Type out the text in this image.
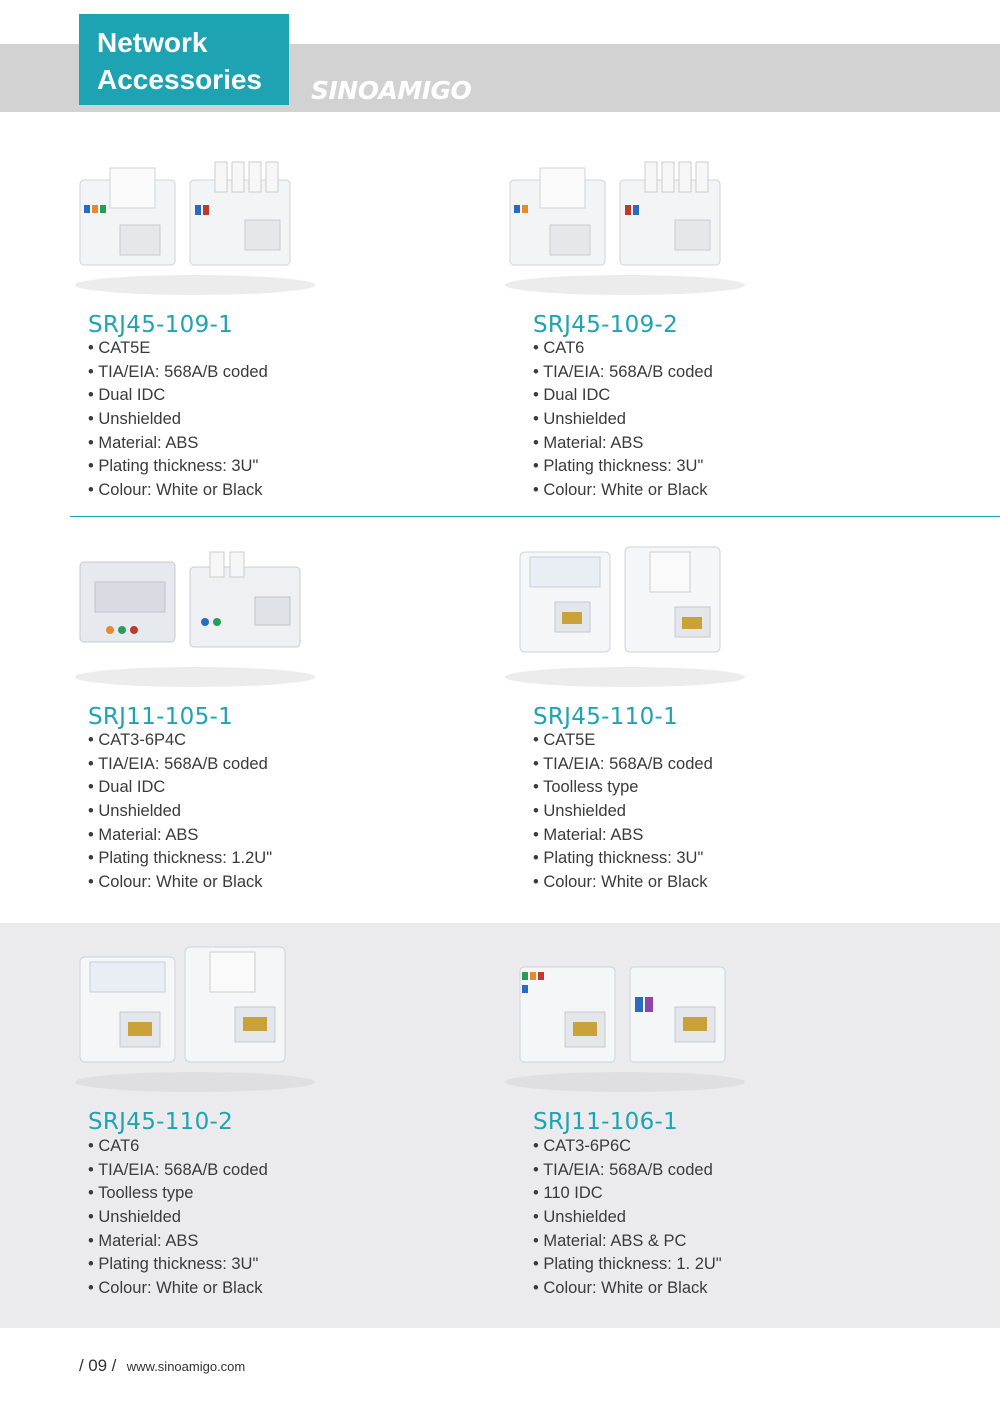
Network
Accessories	SINOAMIGO
SRJ45-109-1
• CAT5E
• TIA/EIA: 568A/B coded
• Dual IDC
• Unshielded
• Material: ABS
• Plating thickness: 3U"
• Colour: White or Black
SRJ45-109-2
• CAT6
• TIA/EIA: 568A/B coded
• Dual IDC
• Unshielded
• Material: ABS
• Plating thickness: 3U"
• Colour: White or Black
SRJ11-105-1
• CAT3-6P4C
• TIA/EIA: 568A/B coded
• Dual IDC
• Unshielded
• Material: ABS
• Plating thickness: 1.2U"
• Colour: White or Black
SRJ45-110-1
• CAT5E
• TIA/EIA: 568A/B coded
• Toolless type
• Unshielded
• Material: ABS
• Plating thickness: 3U"
• Colour: White or Black
SRJ45-110-2
• CAT6
• TIA/EIA: 568A/B coded
• Toolless type
• Unshielded
• Material: ABS
• Plating thickness: 3U"
• Colour: White or Black
SRJ11-106-1
• CAT3-6P6C
• TIA/EIA: 568A/B coded
• 110 IDC
• Unshielded
• Material: ABS & PC
• Plating thickness: 1. 2U"
• Colour: White or Black
/ 09 / www.sinoamigo.com
